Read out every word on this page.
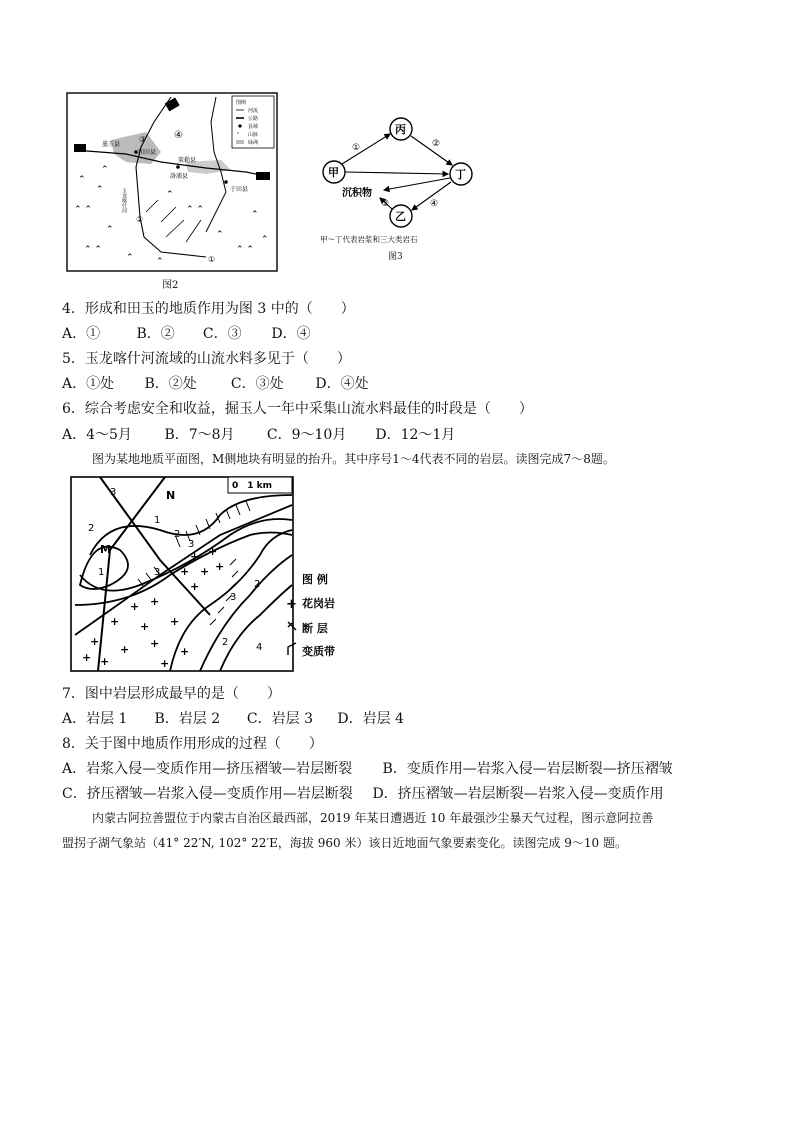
图例
河流
公路
县城
⌃ 山脉
绿洲
墨玉县
和田县
策勒县
洛浦县
于田县
玉龙喀什河
③	④
②
①
⌃
⌃
⌃ ⌃
⌃
⌃ ⌃
⌃
⌃
⌃ ⌃
⌃
⌃ ⌃
⌃
⌃
⌃
⌃
图2
甲
丙
丁
乙
沉积物
①	②
③	④
甲～丁代表岩浆和三大类岩石
图3
4．形成和田玉的地质作用为图 3 中的（　　）
A．①	B．② C．③ D．④
5．玉龙喀什河流域的山流水料多见于（　　）
A．①处 B．②处 C．③处 D．④处
6．综合考虑安全和收益，掘玉人一年中采集山流水料最佳的时段是（　　）
A．4～5月 B．7～8月 C．9～10月 D．12～1月
图为某地地质平面图，M侧地块有明显的抬升。其中序号1～4代表不同的岩层。读图完成7～8题。
0　1 km
N
+ +
+ + +
+
+ +
+ + +
+
+ +
+
+	+
+
M
1
1
2
2
2
2
3
3
3
3
4
图 例
+ 花岗岩
断 层
变质带
7．图中岩层形成最早的是（　　）
A．岩层 1 B．岩层 2 C．岩层 3 D．岩层 4
8．关于图中地质作用形成的过程（　　）
A．岩浆入侵—变质作用—挤压褶皱—岩层断裂 B．变质作用—岩浆入侵—岩层断裂—挤压褶皱
C．挤压褶皱—岩浆入侵—变质作用—岩层断裂 D．挤压褶皱—岩层断裂—岩浆入侵—变质作用
内蒙古阿拉善盟位于内蒙古自治区最西部，2019 年某日遭遇近 10 年最强沙尘暴天气过程，图示意阿拉善
盟拐子湖气象站（41° 22′N, 102° 22′E，海拔 960 米）该日近地面气象要素变化。读图完成 9～10 题。
